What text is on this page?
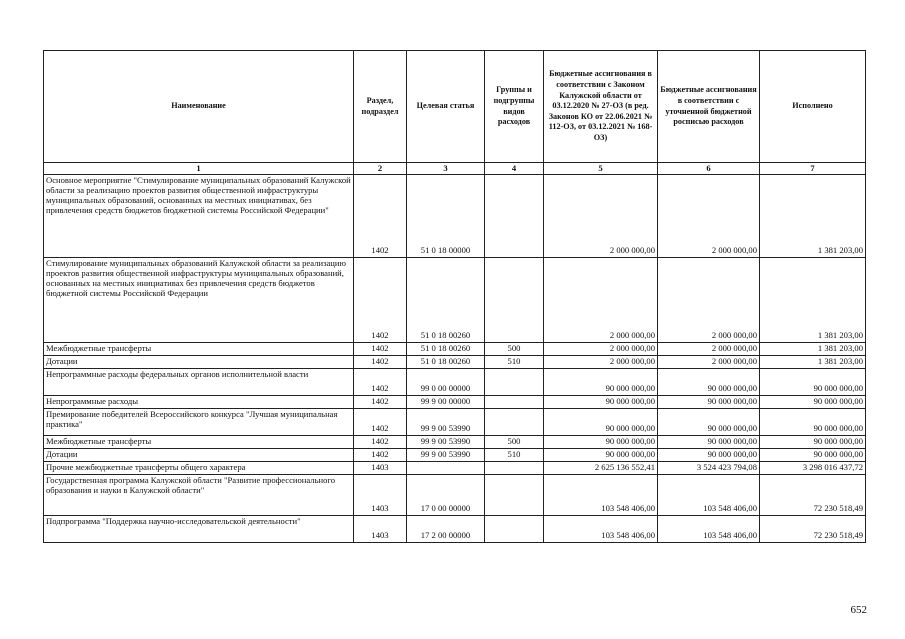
Наименование	Раздел, подраздел	Целевая статья	Группы и подгруппы видов расходов	Бюджетные ассигнования в соответствии с Законом Калужской области от 03.12.2020 № 27-ОЗ (в ред. Законов КО от 22.06.2021 № 112-ОЗ, от 03.12.2021 № 168-ОЗ)	Бюджетные ассигнования в соответствии с уточненной бюджетной росписью расходов	Исполнено
1	2	3	4	5	6	7
Основное мероприятие "Стимулирование муниципальных образований Калужской области за реализацию проектов развития общественной инфраструктуры муниципальных образований, основанных на местных инициативах, без привлечения средств бюджетов бюджетной системы Российской Федерации"	1402	51 0 18 00000		2 000 000,00	2 000 000,00	1 381 203,00
Стимулирование муниципальных образований Калужской области за реализацию проектов развития общественной инфраструктуры муниципальных образований, основанных на местных инициативах без привлечения средств бюджетов бюджетной системы Российской Федерации	1402	51 0 18 00260		2 000 000,00	2 000 000,00	1 381 203,00
Межбюджетные трансферты	1402	51 0 18 00260	500	2 000 000,00	2 000 000,00	1 381 203,00
Дотации	1402	51 0 18 00260	510	2 000 000,00	2 000 000,00	1 381 203,00
Непрограммные расходы федеральных органов исполнительной власти	1402	99 0 00 00000		90 000 000,00	90 000 000,00	90 000 000,00
Непрограммные расходы	1402	99 9 00 00000		90 000 000,00	90 000 000,00	90 000 000,00
Премирование победителей Всероссийского конкурса "Лучшая муниципальная практика"	1402	99 9 00 53990		90 000 000,00	90 000 000,00	90 000 000,00
Межбюджетные трансферты	1402	99 9 00 53990	500	90 000 000,00	90 000 000,00	90 000 000,00
Дотации	1402	99 9 00 53990	510	90 000 000,00	90 000 000,00	90 000 000,00
Прочие межбюджетные трансферты общего характера	1403			2 625 136 552,41	3 524 423 794,08	3 298 016 437,72
Государственная программа Калужской области "Развитие профессионального образования и науки в Калужской области"	1403	17 0 00 00000		103 548 406,00	103 548 406,00	72 230 518,49
Подпрограмма "Поддержка научно-исследовательской деятельности"	1403	17 2 00 00000		103 548 406,00	103 548 406,00	72 230 518,49
652
